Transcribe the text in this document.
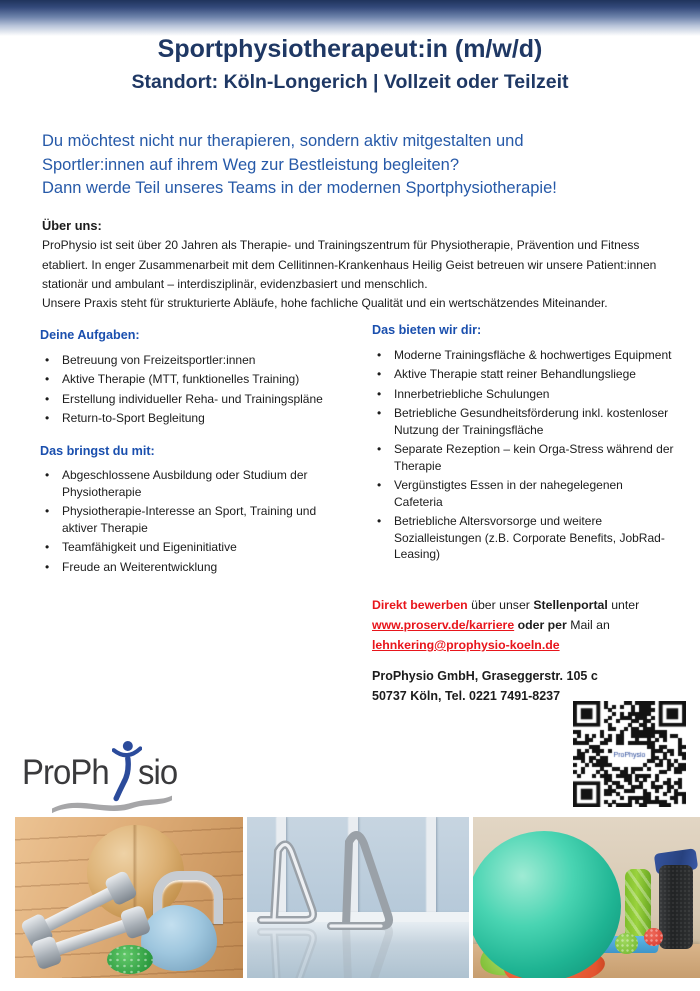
Sportphysiotherapeut:in (m/w/d)
Standort: Köln-Longerich | Vollzeit oder Teilzeit

Du möchtest nicht nur therapieren, sondern aktiv mitgestalten und Sportler:innen auf ihrem Weg zur Bestleistung begleiten?

Dann werde Teil unseres Teams in der modernen Sportphysiotherapie!

Über uns:

ProPhysio ist seit über 20 Jahren als Therapie- und Trainingszentrum für Physiotherapie, Prävention und Fitness etabliert. In enger Zusammenarbeit mit dem Cellitinnen-Krankenhaus Heilig Geist betreuen wir unsere Patient:innen stationär und ambulant – interdisziplinär, evidenzbasiert und menschlich.

Unsere Praxis steht für strukturierte Abläufe, hohe fachliche Qualität und ein wertschätzendes Miteinander.

Deine Aufgaben:
• Betreuung von Freizeitsportler:innen
• Aktive Therapie (MTT, funktionelles Training)
• Erstellung individueller Reha- und Trainingspläne
• Return-to-Sport Begleitung
Das bringst du mit:
• Abgeschlossene Ausbildung oder Studium der Physiotherapie
• Physiotherapie-Interesse an Sport, Training und aktiver Therapie
• Teamfähigkeit und Eigeninitiative
• Freude an Weiterentwicklung
Das bieten wir dir:
• Moderne Trainingsfläche & hochwertiges Equipment
• Aktive Therapie statt reiner Behandlungsliege
• Innerbetriebliche Schulungen
• Betriebliche Gesundheitsförderung inkl. kostenloser Nutzung der Trainingsfläche
• Separate Rezeption – kein Orga-Stress während der Therapie
• Vergünstigtes Essen in der nahegelegenen Cafeteria
• Betriebliche Altersvorsorge und weitere Sozialleistungen (z.B. Corporate Benefits, JobRad-Leasing)
Direkt bewerben über unser Stellenportal unter www.proserv.de/karriere oder per Mail an lehnkering@prophysio-koeln.de
ProPhysio GmbH, Graseggerstr. 105 c
50737 Köln, Tel. 0221 7491-8237
ProPh sio
